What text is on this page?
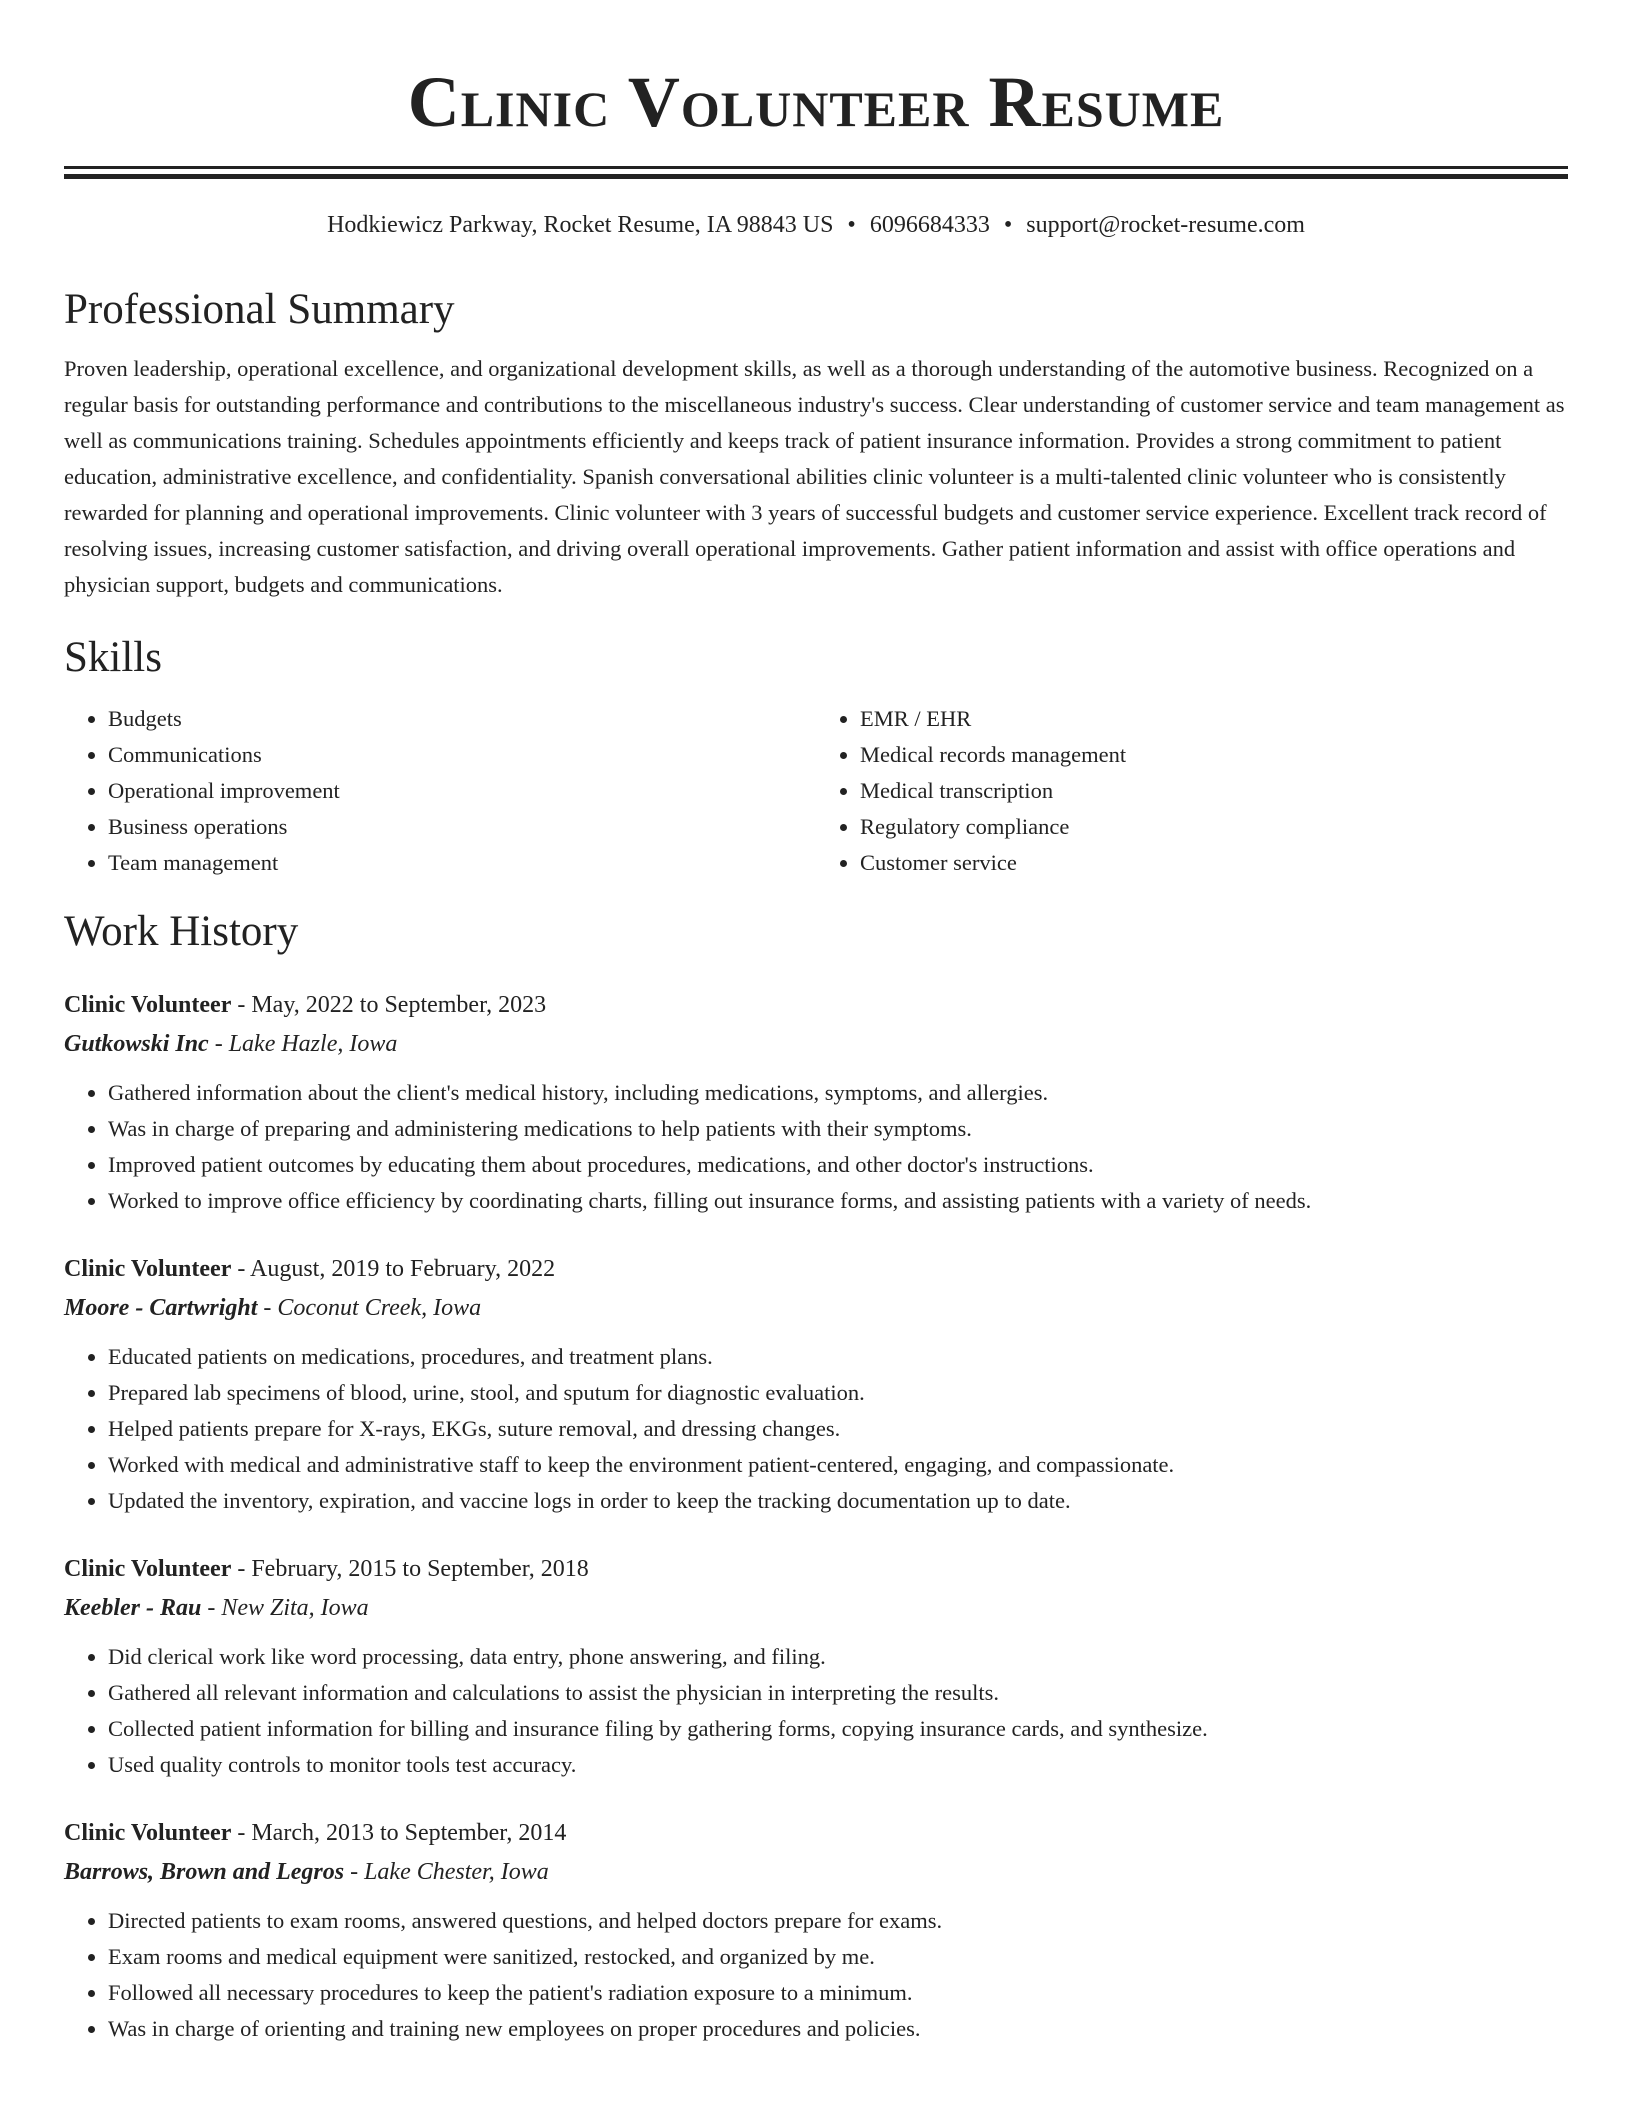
Clinic Volunteer Resume
Hodkiewicz Parkway, Rocket Resume, IA 98843 US • 6096684333 • support@rocket-resume.com
Professional Summary

Proven leadership, operational excellence, and organizational development skills, as well as a thorough understanding of the automotive business. Recognized on a regular basis for outstanding performance and contributions to the miscellaneous industry's success. Clear understanding of customer service and team management as well as communications training. Schedules appointments efficiently and keeps track of patient insurance information. Provides a strong commitment to patient education, administrative excellence, and confidentiality. Spanish conversational abilities clinic volunteer is a multi-talented clinic volunteer who is consistently rewarded for planning and operational improvements. Clinic volunteer with 3 years of successful budgets and customer service experience. Excellent track record of resolving issues, increasing customer satisfaction, and driving overall operational improvements. Gather patient information and assist with office operations and physician support, budgets and communications.

Skills
• Budgets
• Communications
• Operational improvement
• Business operations
• Team management
• EMR / EHR
• Medical records management
• Medical transcription
• Regulatory compliance
• Customer service
Work History
Clinic Volunteer - May, 2022 to September, 2023
Gutkowski Inc - Lake Hazle, Iowa
• Gathered information about the client's medical history, including medications, symptoms, and allergies.
• Was in charge of preparing and administering medications to help patients with their symptoms.
• Improved patient outcomes by educating them about procedures, medications, and other doctor's instructions.
• Worked to improve office efficiency by coordinating charts, filling out insurance forms, and assisting patients with a variety of needs.
Clinic Volunteer - August, 2019 to February, 2022
Moore - Cartwright - Coconut Creek, Iowa
• Educated patients on medications, procedures, and treatment plans.
• Prepared lab specimens of blood, urine, stool, and sputum for diagnostic evaluation.
• Helped patients prepare for X-rays, EKGs, suture removal, and dressing changes.
• Worked with medical and administrative staff to keep the environment patient-centered, engaging, and compassionate.
• Updated the inventory, expiration, and vaccine logs in order to keep the tracking documentation up to date.
Clinic Volunteer - February, 2015 to September, 2018
Keebler - Rau - New Zita, Iowa
• Did clerical work like word processing, data entry, phone answering, and filing.
• Gathered all relevant information and calculations to assist the physician in interpreting the results.
• Collected patient information for billing and insurance filing by gathering forms, copying insurance cards, and synthesize.
• Used quality controls to monitor tools test accuracy.
Clinic Volunteer - March, 2013 to September, 2014
Barrows, Brown and Legros - Lake Chester, Iowa
• Directed patients to exam rooms, answered questions, and helped doctors prepare for exams.
• Exam rooms and medical equipment were sanitized, restocked, and organized by me.
• Followed all necessary procedures to keep the patient's radiation exposure to a minimum.
• Was in charge of orienting and training new employees on proper procedures and policies.
